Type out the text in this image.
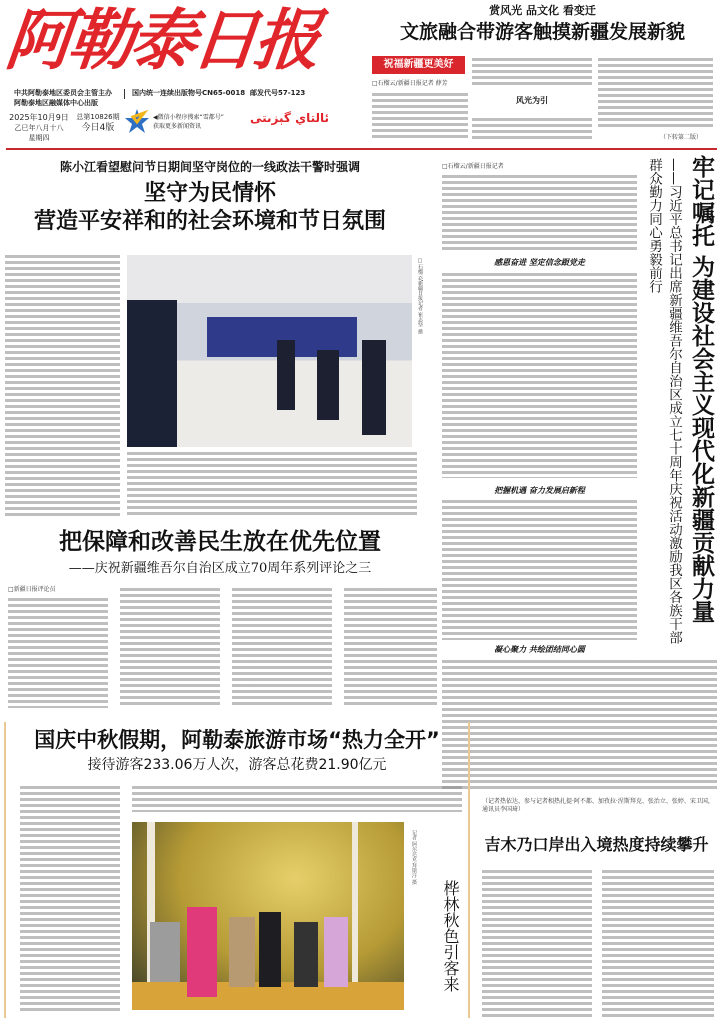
阿勒泰日报
中共阿勒泰地区委员会主管主办
阿勒泰地区融媒体中心出版
国内统一连续出版物号CN65-0018 邮发代号57-123
2025年10月9日
乙巳年八月十八
星期四
总第10826期
今日4版
◀微信小程序搜索“雪都号”
获取更多新闻资讯
ئالتاي گېزىتى
赏风光 品文化 看变迁
文旅融合带游客触摸新疆发展新貌
祝福新疆更美好
□石榴云/新疆日报记者 薛芳
风光为引
（下转第二版）
陈小江看望慰问节日期间坚守岗位的一线政法干警时强调
坚守为民情怀
营造平安祥和的社会环境和节日氛围
□石榴云/新疆日报记者 崔志坚 摄
□石榴云/新疆日报记者
感恩奋进 坚定信念跟党走
把握机遇 奋力发展启新程
凝心聚力 共绘团结同心圆
（记者热依达、参与记者相热扎提·阿不都、加孜拉·涅斯拜克、张治立、张婷、宋卫国，通讯员李国琦）
牢记嘱托 为建设社会主义现代化新疆贡献力量
——习近平总书记出席新疆维吾尔自治区成立七十周年庆祝活动激励我区各族干部群众勤力同心勇毅前行
把保障和改善民生放在优先位置
——庆祝新疆维吾尔自治区成立70周年系列评论之三
□新疆日报评论员
国庆中秋假期，阿勒泰旅游市场“热力全开”
接待游客233.06万人次，游客总花费21.90亿元
记者 阿尔达克·拜斯汗 摄
桦林秋色引客来
吉木乃口岸出入境热度持续攀升
